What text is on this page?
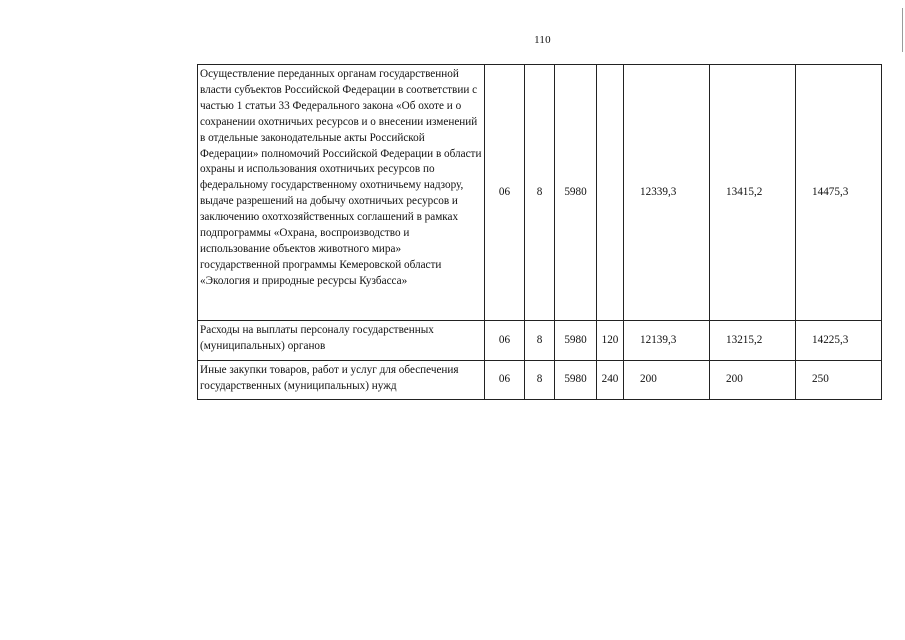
110
Осуществление переданных органам государственной власти субъектов Российской Федерации в соответствии с частью 1 статьи 33 Федерального закона «Об охоте и о сохранении охотничьих ресурсов и о внесении изменений в отдельные законодательные акты Российской Федерации» полномочий Российской Федерации в области охраны и использования охотничьих ресурсов по федеральному государственному охотничьему надзору, выдаче разрешений на добычу охотничьих ресурсов и заключению охотхозяйственных соглашений в рамках подпрограммы «Охрана, воспроизводство и использование объектов животного мира» государственной программы Кемеровской области «Экология и природные ресурсы Кузбасса»	06	8	5980		12339,3	13415,2	14475,3
Расходы на выплаты персоналу государственных (муниципальных) органов	06	8	5980	120	12139,3	13215,2	14225,3
Иные закупки товаров, работ и услуг для обеспечения государственных (муниципальных) нужд	06	8	5980	240	200	200	250
